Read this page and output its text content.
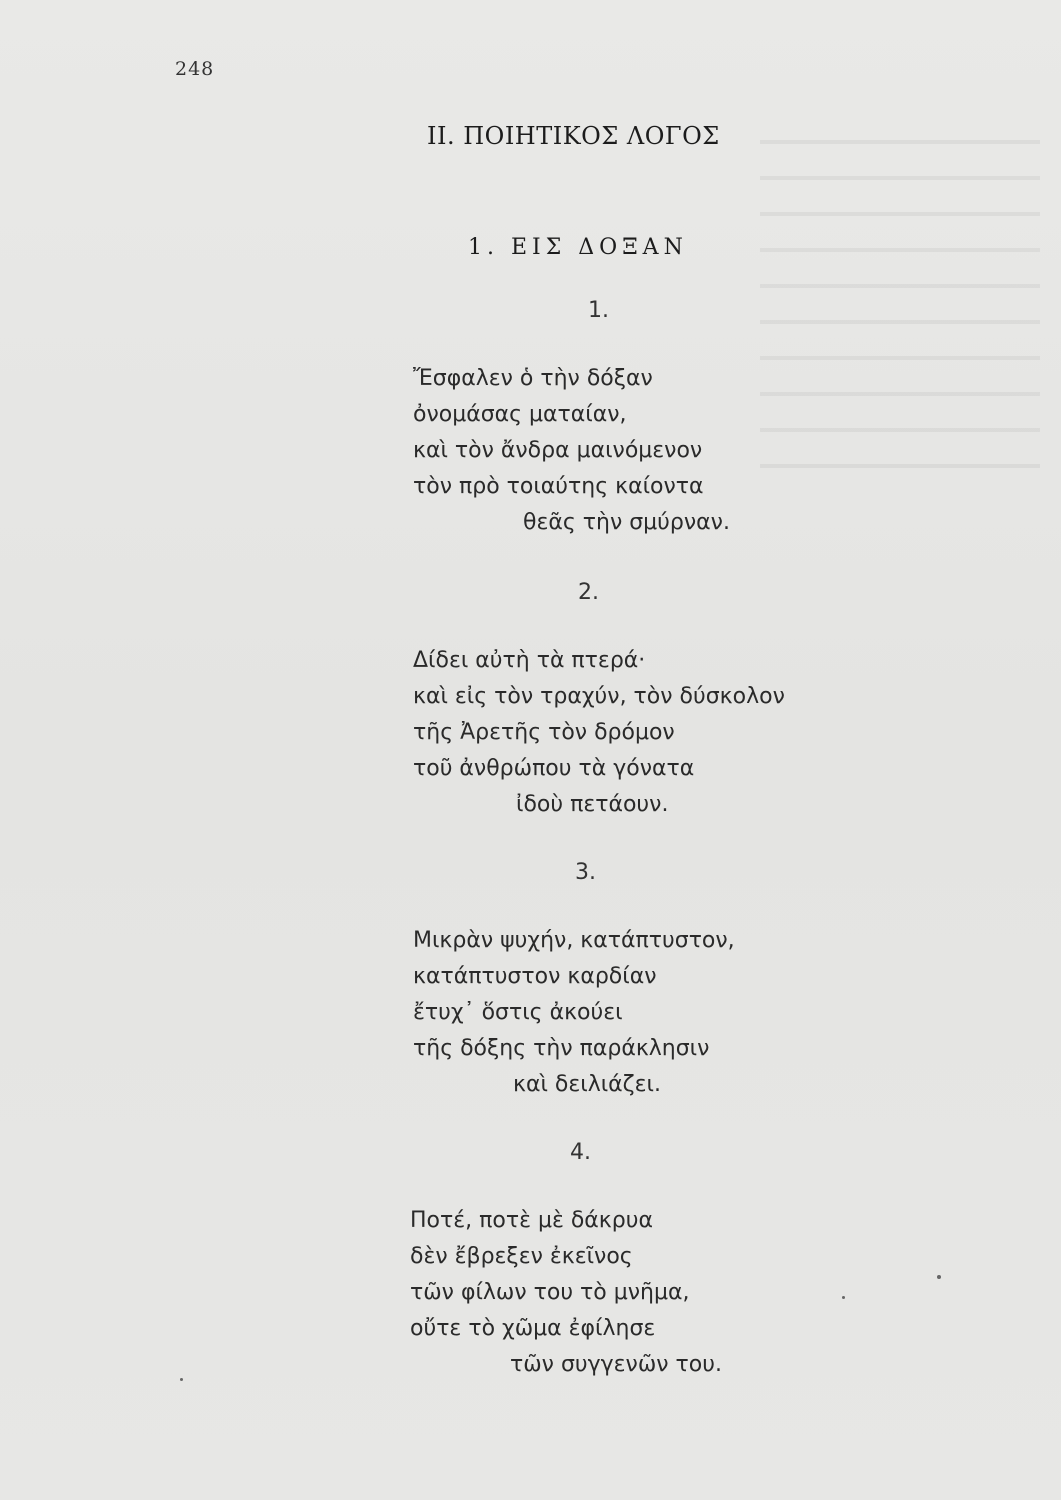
248
II. ΠΟΙΗΤΙΚΟΣ ΛΟΓΟΣ
1. ΕΙΣ ΔΟΞΑΝ
1.
Ἔσφαλεν ὁ τὴν δόξαν
ὀνομάσας ματαίαν,
καὶ τὸν ἄνδρα μαινόμενον
τὸν πρὸ τοιαύτης καίοντα
θεᾶς τὴν σμύρναν.
2.
Δίδει αὐτὴ τὰ πτερά·
καὶ εἰς τὸν τραχύν, τὸν δύσκολον
τῆς Ἀρετῆς τὸν δρόμον
τοῦ ἀνθρώπου τὰ γόνατα
ἰδοὺ πετάουν.
3.
Μικρὰν ψυχήν, κατάπτυστον,
κατάπτυστον καρδίαν
ἔτυχ᾿ ὅστις ἀκούει
τῆς δόξης τὴν παράκλησιν
καὶ δειλιάζει.
4.
Ποτέ, ποτὲ μὲ δάκρυα
δὲν ἔβρεξεν ἐκεῖνος
τῶν φίλων του τὸ μνῆμα,
οὔτε τὸ χῶμα ἐφίλησε
τῶν συγγενῶν του.
